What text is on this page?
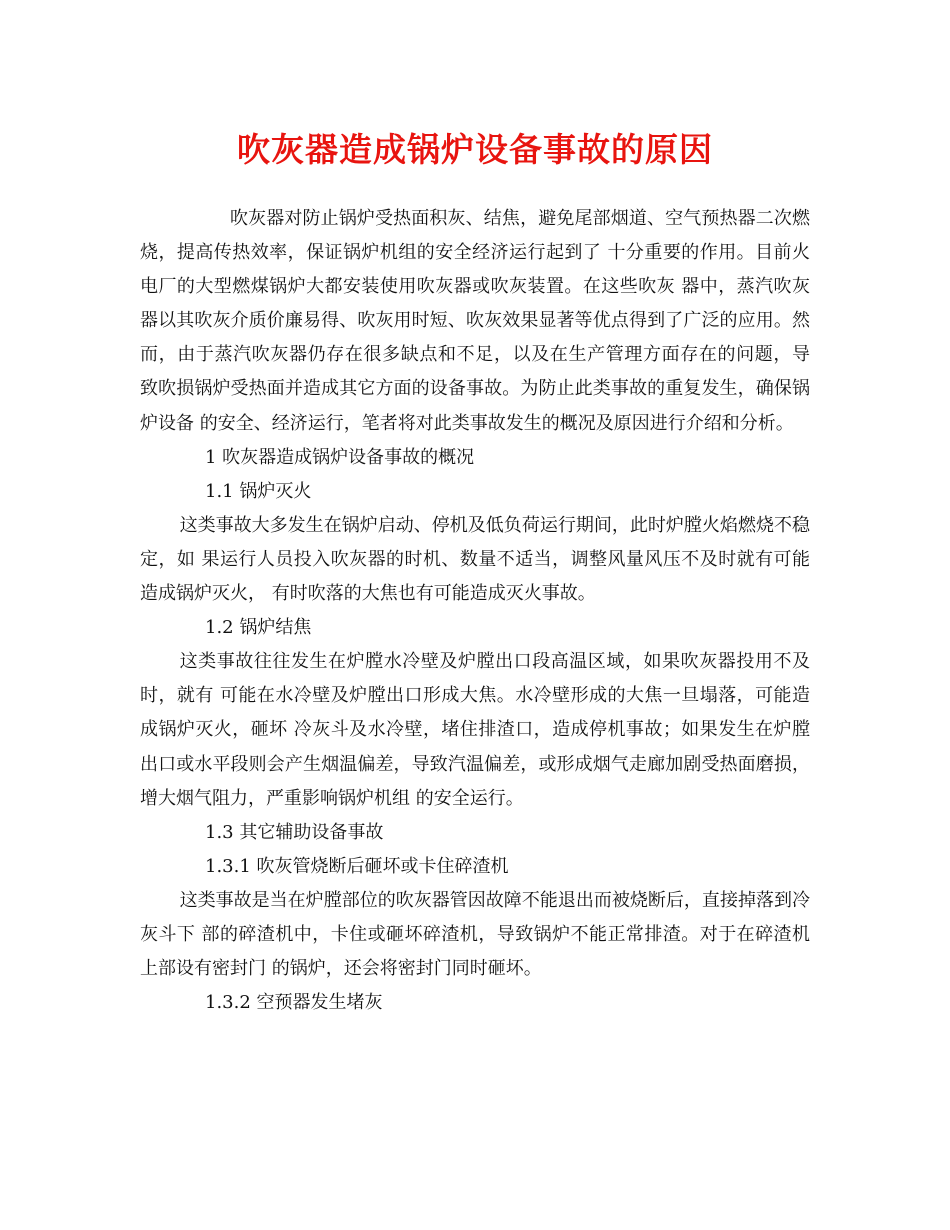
吹灰器造成锅炉设备事故的原因

吹灰器对防止锅炉受热面积灰、结焦，避免尾部烟道、空气预热器二次燃烧，提高传热效率，保证锅炉机组的安全经济运行起到了 十分重要的作用。目前火电厂的大型燃煤锅炉大都安装使用吹灰器或吹灰装置。在这些吹灰 器中，蒸汽吹灰器以其吹灰介质价廉易得、吹灰用时短、吹灰效果显著等优点得到了广泛的应用。然而，由于蒸汽吹灰器仍存在很多缺点和不足，以及在生产管理方面存在的问题，导 致吹损锅炉受热面并造成其它方面的设备事故。为防止此类事故的重复发生，确保锅炉设备 的安全、经济运行，笔者将对此类事故发生的概况及原因进行介绍和分析。

1 吹灰器造成锅炉设备事故的概况

1.1 锅炉灭火

这类事故大多发生在锅炉启动、停机及低负荷运行期间，此时炉膛火焰燃烧不稳定，如 果运行人员投入吹灰器的时机、数量不适当，调整风量风压不及时就有可能造成锅炉灭火， 有时吹落的大焦也有可能造成灭火事故。

1.2 锅炉结焦

这类事故往往发生在炉膛水冷壁及炉膛出口段高温区域，如果吹灰器投用不及时，就有 可能在水冷壁及炉膛出口形成大焦。水冷壁形成的大焦一旦塌落，可能造成锅炉灭火，砸坏 冷灰斗及水冷壁，堵住排渣口，造成停机事故；如果发生在炉膛出口或水平段则会产生烟温偏差，导致汽温偏差，或形成烟气走廊加剧受热面磨损，增大烟气阻力，严重影响锅炉机组 的安全运行。

1.3 其它辅助设备事故

1.3.1 吹灰管烧断后砸坏或卡住碎渣机

这类事故是当在炉膛部位的吹灰器管因故障不能退出而被烧断后，直接掉落到冷灰斗下 部的碎渣机中，卡住或砸坏碎渣机，导致锅炉不能正常排渣。对于在碎渣机上部设有密封门 的锅炉，还会将密封门同时砸坏。

1.3.2 空预器发生堵灰
